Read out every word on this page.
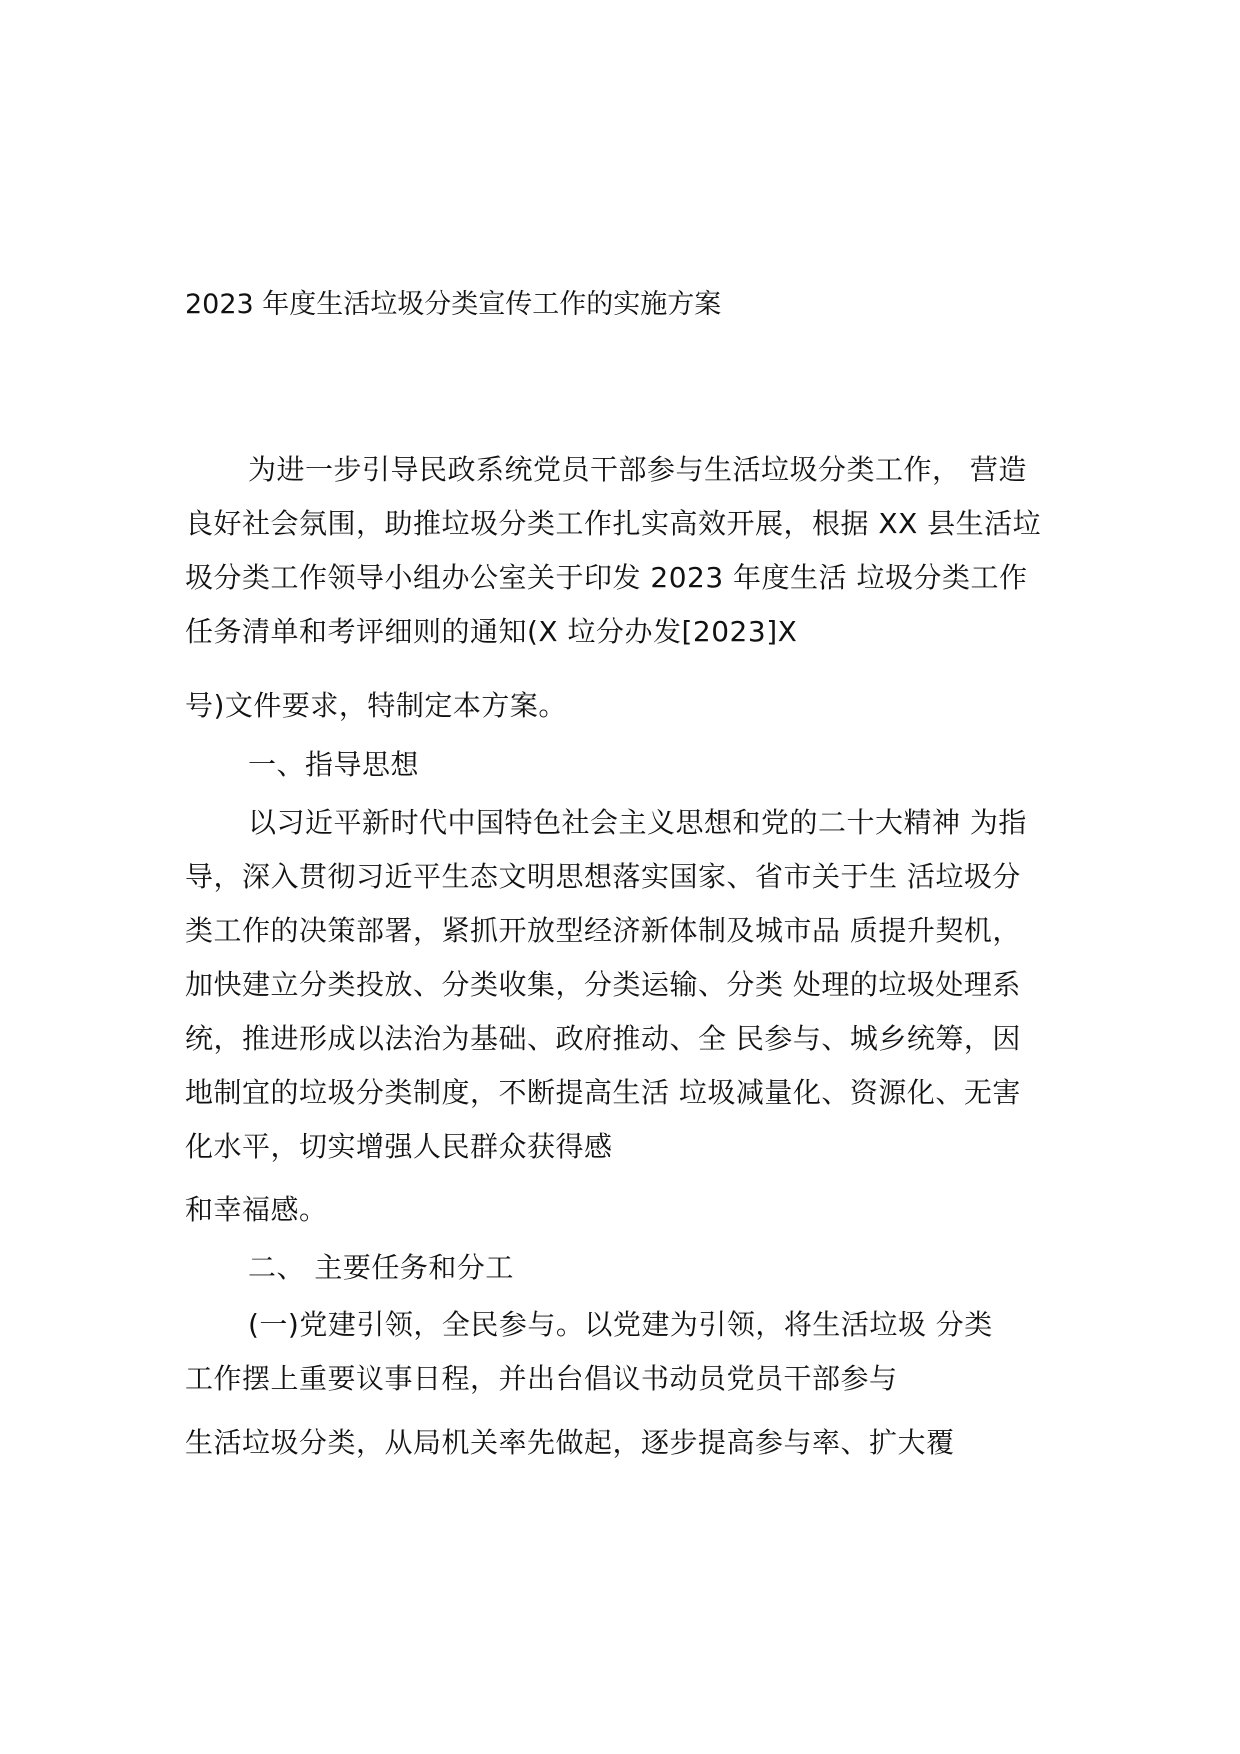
2023 年度生活垃圾分类宣传工作的实施方案
为进一步引导民政系统党员干部参与生活垃圾分类工作， 营造
良好社会氛围，助推垃圾分类工作扎实高效开展，根据 XX 县生活垃
圾分类工作领导小组办公室关于印发 2023 年度生活 垃圾分类工作
任务清单和考评细则的通知(X 垃分办发[2023]X
号)文件要求，特制定本方案。
一、指导思想
以习近平新时代中国特色社会主义思想和党的二十大精神 为指
导，深入贯彻习近平生态文明思想落实国家、省市关于生 活垃圾分
类工作的决策部署，紧抓开放型经济新体制及城市品 质提升契机，
加快建立分类投放、分类收集，分类运输、分类 处理的垃圾处理系
统，推进形成以法治为基础、政府推动、全 民参与、城乡统筹，因
地制宜的垃圾分类制度，不断提高生活 垃圾减量化、资源化、无害
化水平，切实增强人民群众获得感
和幸福感。
二、 主要任务和分工
(一)党建引领，全民参与。以党建为引领，将生活垃圾 分类
工作摆上重要议事日程，并出台倡议书动员党员干部参与
生活垃圾分类，从局机关率先做起，逐步提高参与率、扩大覆
